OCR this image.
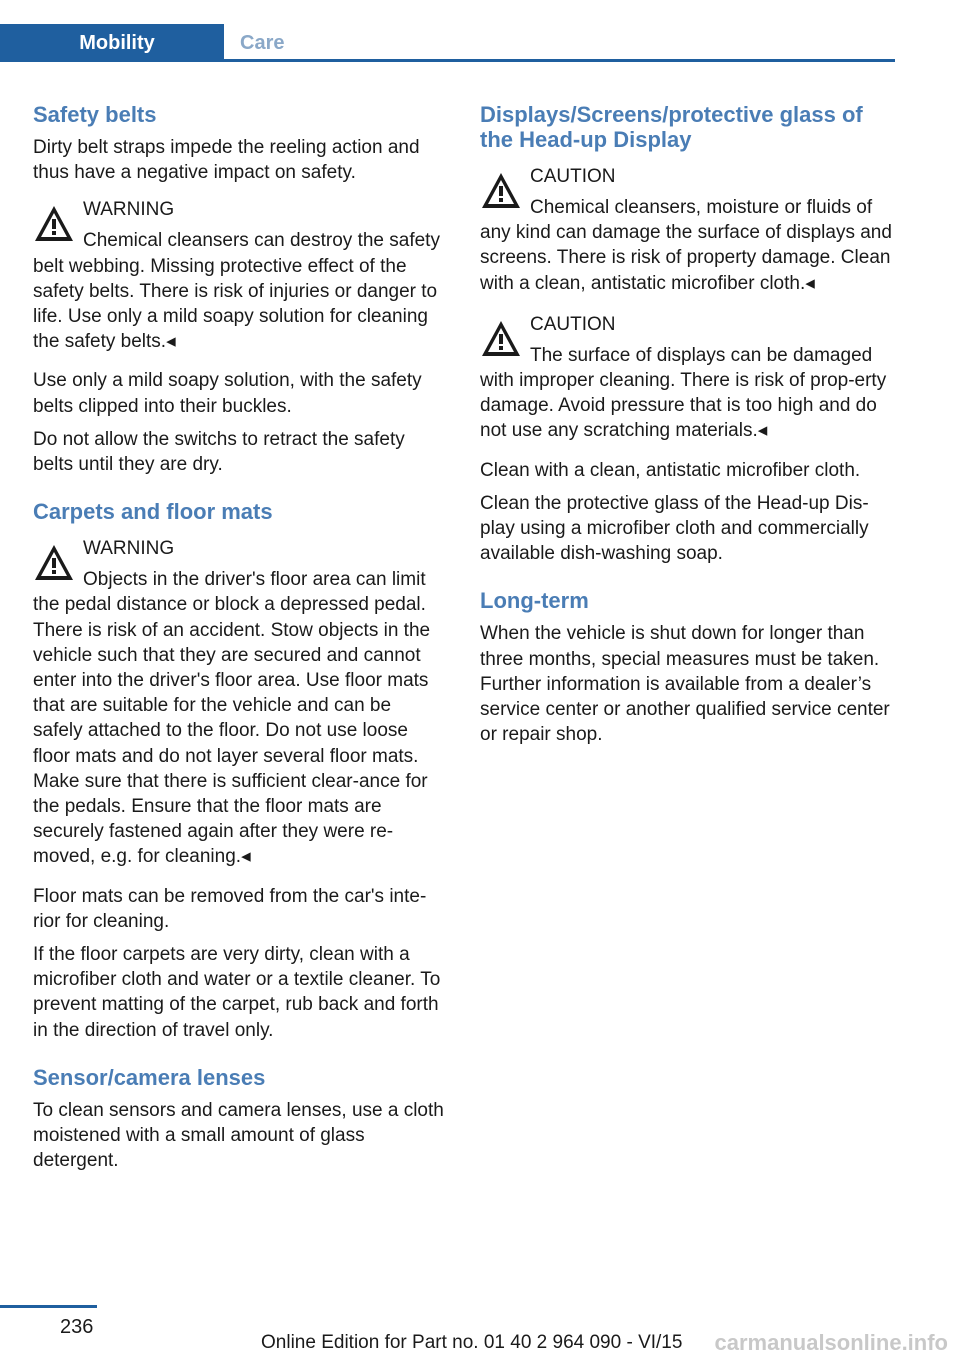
Mobility	Care
Safety belts

Dirty belt straps impede the reeling action and thus have a negative impact on safety.

WARNING

Chemical cleansers can destroy the safety belt webbing. Missing protective effect of the safety belts. There is risk of injuries or danger to life. Use only a mild soapy solution for cleaning the safety belts.◂

Use only a mild soapy solution, with the safety belts clipped into their buckles.

Do not allow the switchs to retract the safety belts until they are dry.

Carpets and floor mats
WARNING

Objects in the driver's floor area can limit the pedal distance or block a depressed pedal. There is risk of an accident. Stow objects in the vehicle such that they are secured and cannot enter into the driver's floor area. Use floor mats that are suitable for the vehicle and can be safely attached to the floor. Do not use loose floor mats and do not layer several floor mats. Make sure that there is sufficient clear-ance for the pedals. Ensure that the floor mats are securely fastened again after they were re-moved, e.g. for cleaning.◂

Floor mats can be removed from the car's inte-rior for cleaning.

If the floor carpets are very dirty, clean with a microfiber cloth and water or a textile cleaner. To prevent matting of the carpet, rub back and forth in the direction of travel only.

Sensor/camera lenses

To clean sensors and camera lenses, use a cloth moistened with a small amount of glass detergent.

Displays/Screens/protective glass of the Head-up Display
CAUTION

Chemical cleansers, moisture or fluids of any kind can damage the surface of displays and screens. There is risk of property damage. Clean with a clean, antistatic microfiber cloth.◂

CAUTION

The surface of displays can be damaged with improper cleaning. There is risk of prop-erty damage. Avoid pressure that is too high and do not use any scratching materials.◂

Clean with a clean, antistatic microfiber cloth.

Clean the protective glass of the Head-up Dis-play using a microfiber cloth and commercially available dish-washing soap.

Long-term

When the vehicle is shut down for longer than three months, special measures must be taken. Further information is available from a dealer’s service center or another qualified service center or repair shop.

236
Online Edition for Part no. 01 40 2 964 090 - VI/15 carmanualsonline.info
